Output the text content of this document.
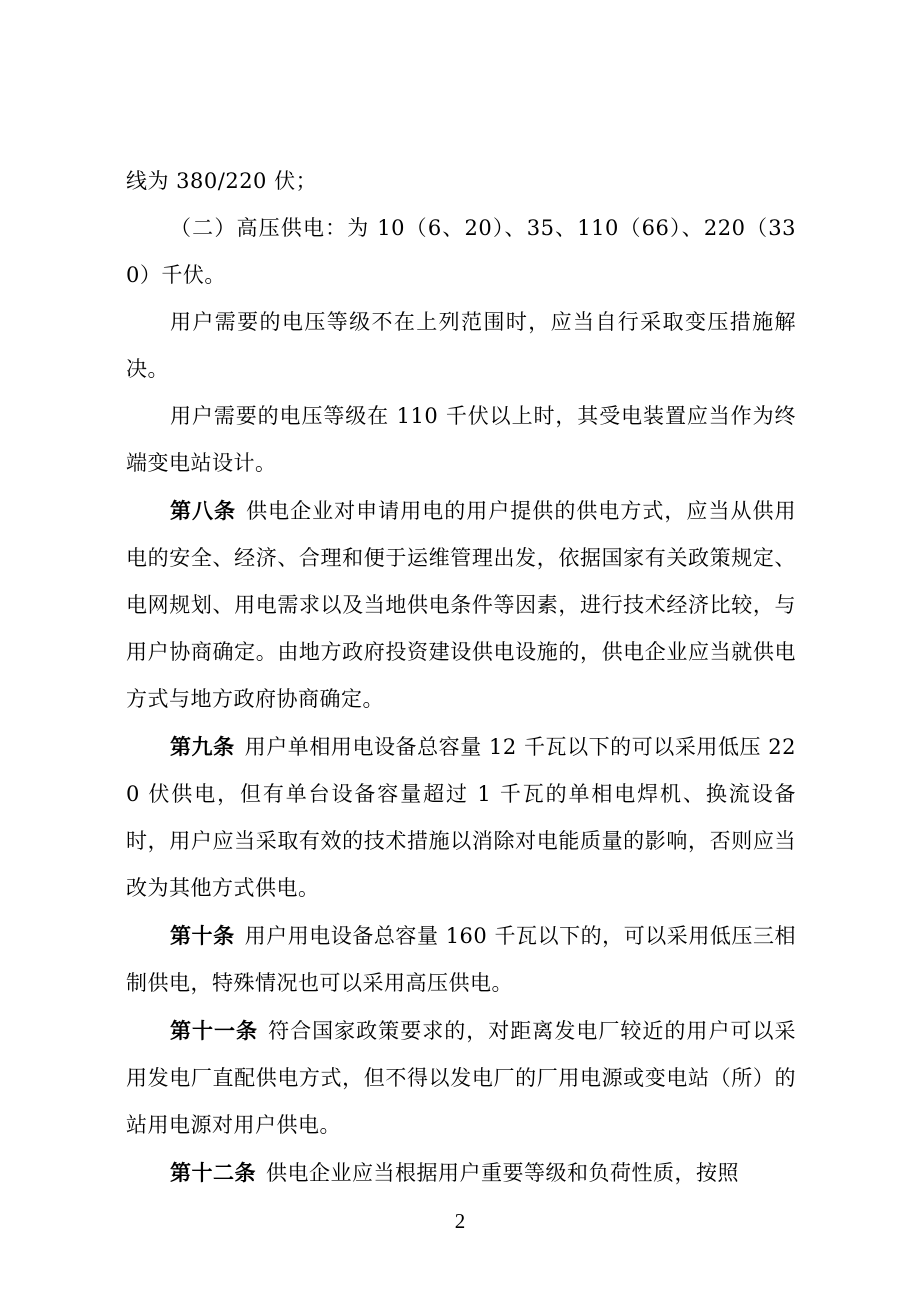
线为 380/220 伏；

（二）高压供电：为 10（6、20）、35、110（66）、220（330）千伏。

用户需要的电压等级不在上列范围时，应当自行采取变压措施解决。

用户需要的电压等级在 110 千伏以上时，其受电装置应当作为终端变电站设计。

第八条 供电企业对申请用电的用户提供的供电方式，应当从供用电的安全、经济、合理和便于运维管理出发，依据国家有关政策规定、电网规划、用电需求以及当地供电条件等因素，进行技术经济比较，与用户协商确定。由地方政府投资建设供电设施的，供电企业应当就供电方式与地方政府协商确定。

第九条 用户单相用电设备总容量 12 千瓦以下的可以采用低压 220 伏供电，但有单台设备容量超过 1 千瓦的单相电焊机、换流设备时，用户应当采取有效的技术措施以消除对电能质量的影响，否则应当改为其他方式供电。

第十条 用户用电设备总容量 160 千瓦以下的，可以采用低压三相制供电，特殊情况也可以采用高压供电。

第十一条 符合国家政策要求的，对距离发电厂较近的用户可以采用发电厂直配供电方式，但不得以发电厂的厂用电源或变电站（所）的站用电源对用户供电。

第十二条 供电企业应当根据用户重要等级和负荷性质，按照

2
